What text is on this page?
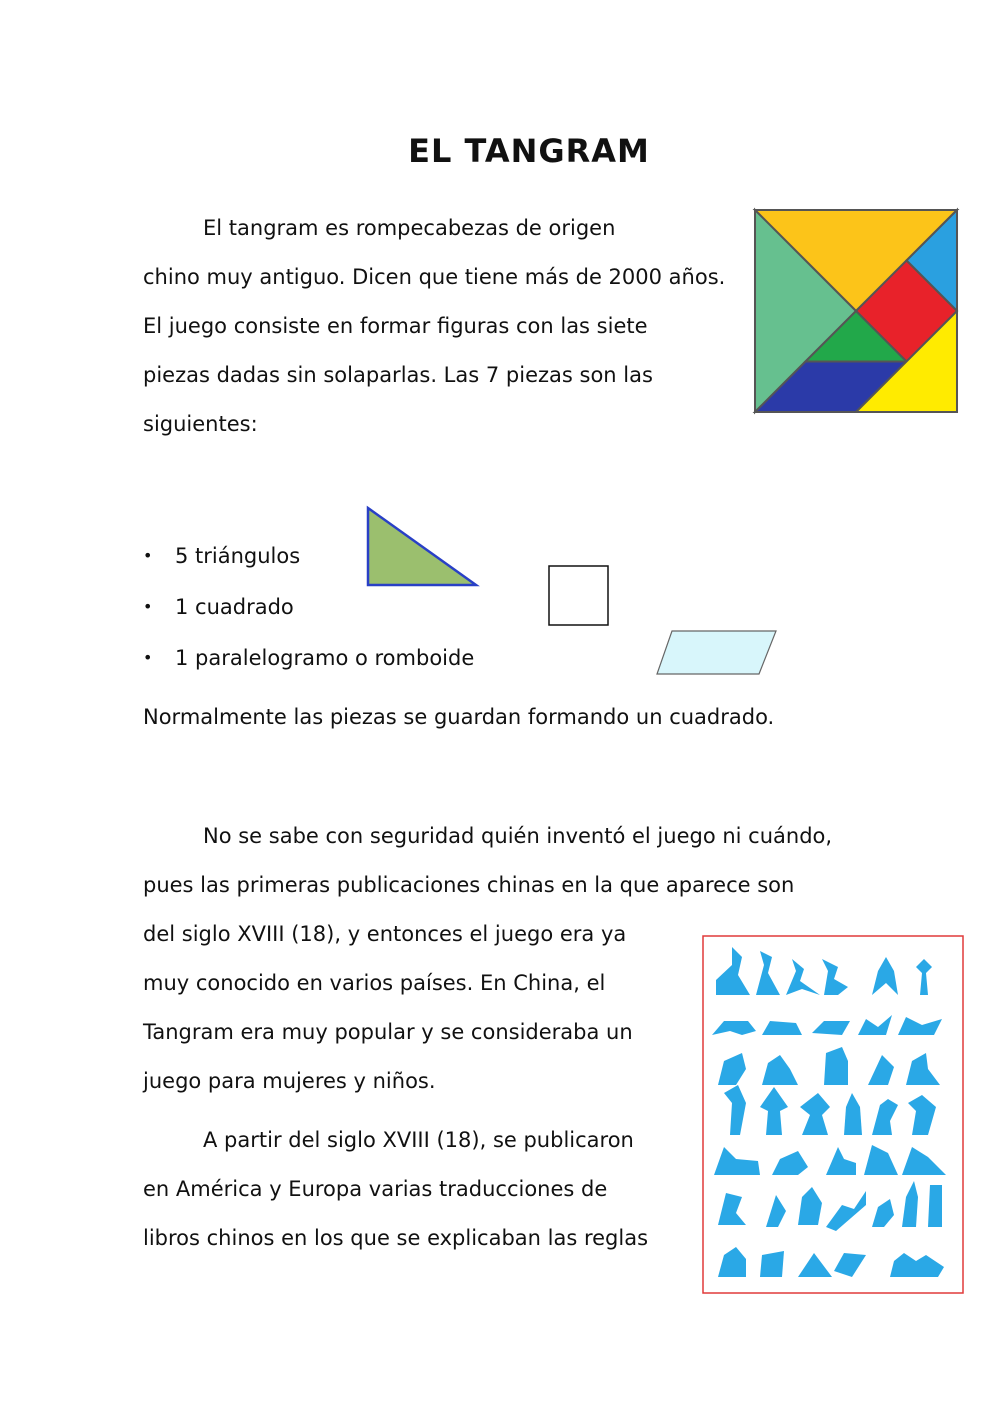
EL TANGRAM
El tangram es rompecabezas de origen
chino muy antiguo. Dicen que tiene más de 2000 años.
El juego consiste en formar figuras con las siete
piezas dadas sin solaparlas. Las 7 piezas son las
siguientes:
• 5 triángulos
• 1 cuadrado
• 1 paralelogramo o romboide
Normalmente las piezas se guardan formando un cuadrado.
No se sabe con seguridad quién inventó el juego ni cuándo,
pues las primeras publicaciones chinas en la que aparece son
del siglo XVIII (18), y entonces el juego era ya
muy conocido en varios países. En China, el
Tangram era muy popular y se consideraba un
juego para mujeres y niños.
A partir del siglo XVIII (18), se publicaron
en América y Europa varias traducciones de
libros chinos en los que se explicaban las reglas
